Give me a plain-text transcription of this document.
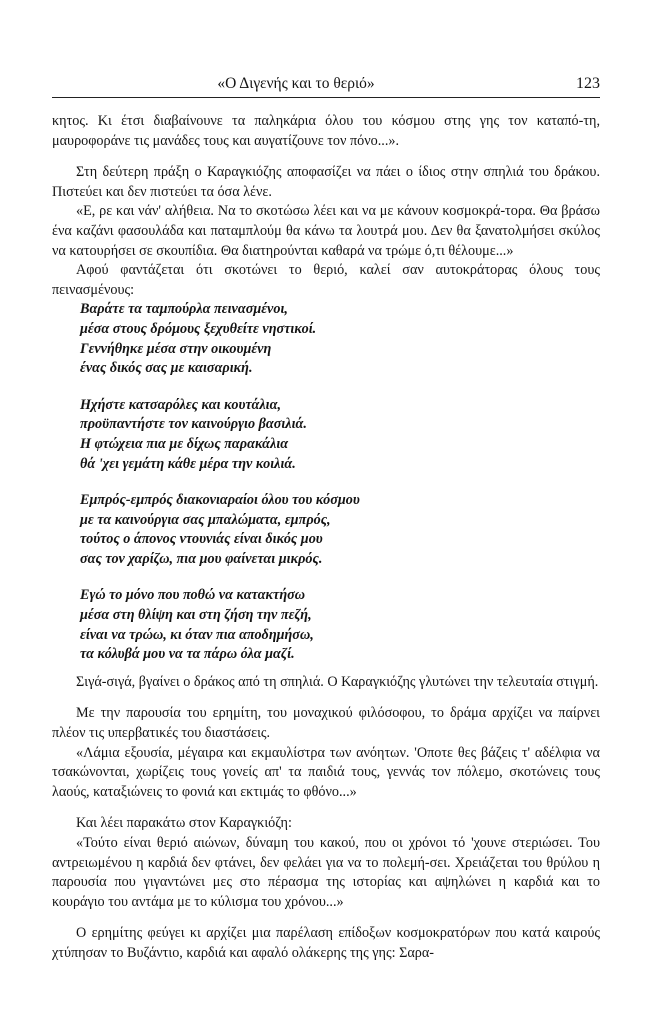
«Ο Διγενής και το θεριό»	123

κητος. Κι έτσι διαβαίνουνε τα παληκάρια όλου του κόσμου στης γης τον καταπό-τη, μαυροφοράνε τις μανάδες τους και αυγατίζουνε τον πόνο...».

Στη δεύτερη πράξη ο Καραγκιόζης αποφασίζει να πάει ο ίδιος στην σπηλιά του δράκου. Πιστεύει και δεν πιστεύει τα όσα λένε.

«Ε, ρε και νάν' αλήθεια. Να το σκοτώσω λέει και να με κάνουν κοσμοκρά-τορα. Θα βράσω ένα καζάνι φασουλάδα και παταμπλούμ θα κάνω τα λουτρά μου. Δεν θα ξανατολμήσει σκύλος να κατουρήσει σε σκουπίδια. Θα διατηρούνται καθαρά να τρώμε ό,τι θέλουμε...»

Αφού φαντάζεται ότι σκοτώνει το θεριό, καλεί σαν αυτοκράτορας όλους τους πεινασμένους:

Βαράτε τα ταμπούρλα πεινασμένοι,
μέσα στους δρόμους ξεχυθείτε νηστικοί.
Γεννήθηκε μέσα στην οικουμένη
ένας δικός σας με καισαρική.
Ηχήστε κατσαρόλες και κουτάλια,
προϋπαντήστε τον καινούργιο βασιλιά.
Η φτώχεια πια με δίχως παρακάλια
θά 'χει γεμάτη κάθε μέρα την κοιλιά.
Εμπρός-εμπρός διακονιαραίοι όλου του κόσμου
με τα καινούργια σας μπαλώματα, εμπρός,
τούτος ο άπονος ντουνιάς είναι δικός μου
σας τον χαρίζω, πια μου φαίνεται μικρός.
Εγώ το μόνο που ποθώ να κατακτήσω
μέσα στη θλίψη και στη ζήση την πεζή,
είναι να τρώω, κι όταν πια αποδημήσω,
τα κόλυβά μου να τα πάρω όλα μαζί.

Σιγά-σιγά, βγαίνει ο δράκος από τη σπηλιά. Ο Καραγκιόζης γλυτώνει την τελευταία στιγμή.

Με την παρουσία του ερημίτη, του μοναχικού φιλόσοφου, το δράμα αρχίζει να παίρνει πλέον τις υπερβατικές του διαστάσεις.

«Λάμια εξουσία, μέγαιρα και εκμαυλίστρα των ανόητων. 'Οποτε θες βάζεις τ' αδέλφια να τσακώνονται, χωρίζεις τους γονείς απ' τα παιδιά τους, γεννάς τον πόλεμο, σκοτώνεις τους λαούς, καταξιώνεις το φονιά και εκτιμάς το φθόνο...»

Και λέει παρακάτω στον Καραγκιόζη:

«Τούτο είναι θεριό αιώνων, δύναμη του κακού, που οι χρόνοι τό 'χουνε στεριώσει. Του αντρειωμένου η καρδιά δεν φτάνει, δεν φελάει για να το πολεμή-σει. Χρειάζεται του θρύλου η παρουσία που γιγαντώνει μες στο πέρασμα της ιστορίας και αψηλώνει η καρδιά και το κουράγιο του αντάμα με το κύλισμα του χρόνου...»

Ο ερημίτης φεύγει κι αρχίζει μια παρέλαση επίδοξων κοσμοκρατόρων που κατά καιρούς χτύπησαν το Βυζάντιο, καρδιά και αφαλό ολάκερης της γης: Σαρα-
